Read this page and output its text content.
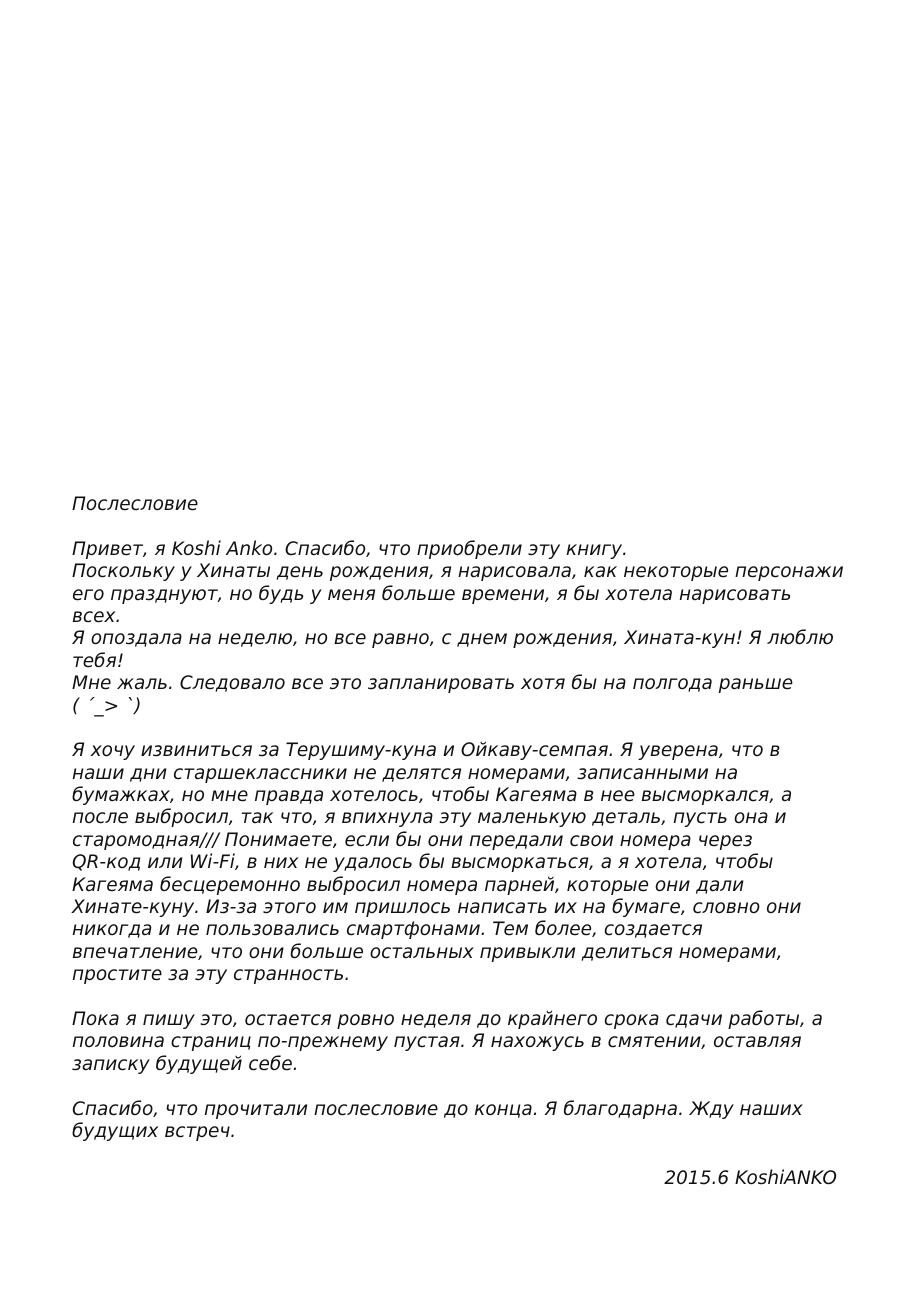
Послесловие
Привет, я Koshi Anko. Спасибо, что приобрели эту книгу.
Поскольку у Хинаты день рождения, я нарисовала, как некоторые персонажи
его празднуют, но будь у меня больше времени, я бы хотела нарисовать
всех.
Я опоздала на неделю, но все равно, с днем рождения, Хината-кун! Я люблю
тебя!
Мне жаль. Следовало все это запланировать хотя бы на полгода раньше
( ´_> `)
Я хочу извиниться за Терушиму-куна и Ойкаву-семпая. Я уверена, что в
наши дни старшеклассники не делятся номерами, записанными на
бумажках, но мне правда хотелось, чтобы Кагеяма в нее высморкался, а
после выбросил, так что, я впихнула эту маленькую деталь, пусть она и
старомодная/// Понимаете, если бы они передали свои номера через
QR-код или Wi-Fi, в них не удалось бы высморкаться, а я хотела, чтобы
Кагеяма бесцеремонно выбросил номера парней, которые они дали
Хинате-куну. Из-за этого им пришлось написать их на бумаге, словно они
никогда и не пользовались смартфонами. Тем более, создается
впечатление, что они больше остальных привыкли делиться номерами,
простите за эту странность.
Пока я пишу это, остается ровно неделя до крайнего срока сдачи работы, а
половина страниц по-прежнему пустая. Я нахожусь в смятении, оставляя
записку будущей себе.
Спасибо, что прочитали послесловие до конца. Я благодарна. Жду наших
будущих встреч.
2015.6 KoshiANKO
